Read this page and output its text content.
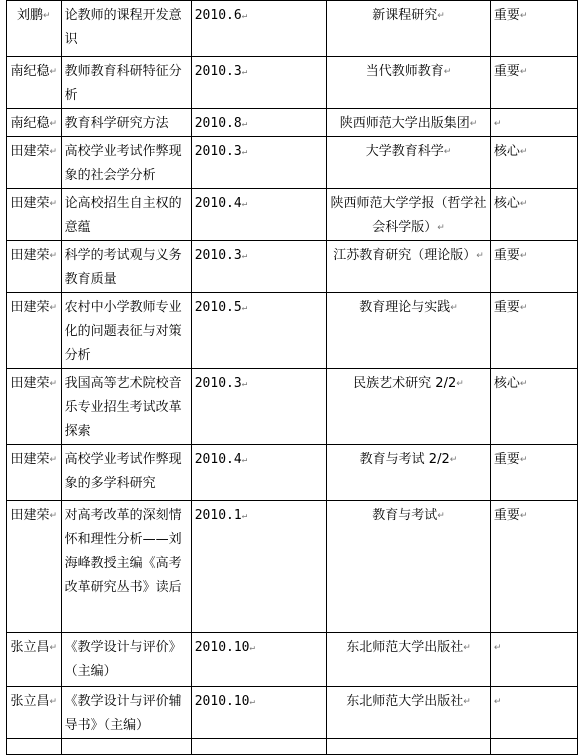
刘鹏↵	论教师的课程开发意识	2010.6↵	新课程研究↵	重要↵
南纪稳↵	教师教育科研特征分析	2010.3↵	当代教师教育↵	重要↵
南纪稳↵	教育科学研究方法	2010.8↵	陕西师范大学出版集团↵	↵
田建荣↵	高校学业考试作弊现象的社会学分析	2010.3↵	大学教育科学↵	核心↵
田建荣↵	论高校招生自主权的意蕴	2010.4↵	陕西师范大学学报（哲学社会科学版）↵	核心↵
田建荣↵	科学的考试观与义务教育质量	2010.3↵	江苏教育研究（理论版）↵	重要↵
田建荣↵	农村中小学教师专业化的问题表征与对策分析	2010.5↵	教育理论与实践↵	重要↵
田建荣↵	我国高等艺术院校音乐专业招生考试改革探索	2010.3↵	民族艺术研究 2/2↵	核心↵
田建荣↵	高校学业考试作弊现象的多学科研究	2010.4↵	教育与考试 2/2↵	重要↵
田建荣↵	对高考改革的深刻情怀和理性分析——刘海峰教授主编《高考改革研究丛书》读后	2010.1↵	教育与考试↵	重要↵
张立昌↵	《教学设计与评价》（主编）	2010.10↵	东北师范大学出版社↵	↵
张立昌↵	《教学设计与评价辅导书》（主编）	2010.10↵	东北师范大学出版社↵	↵
